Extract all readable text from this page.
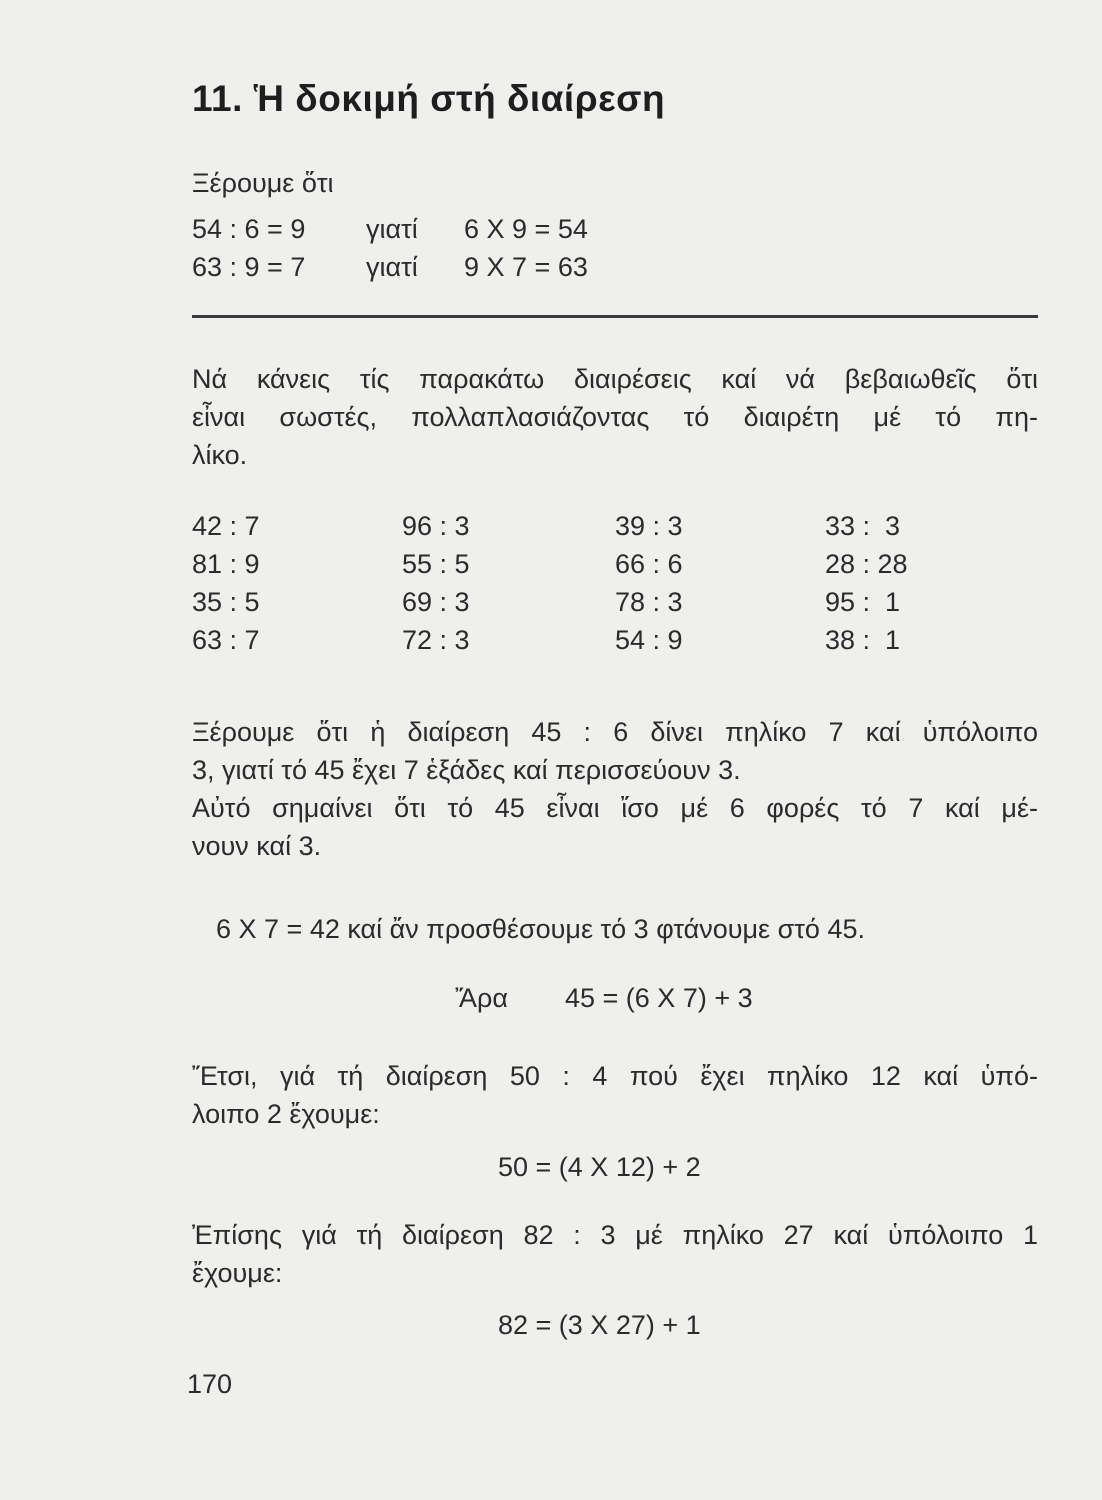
11. Ἡ δοκιμή στή διαίρεση
Ξέρουμε ὅτι
54 : 6 = 9 γιατί 6 X 9 = 54
63 : 9 = 7 γιατί 9 X 7 = 63
Νά κάνεις τίς παρακάτω διαιρέσεις καί νά βεβαιωθεῖς ὅτι
εἶναι σωστές, πολλαπλασιάζοντας τό διαιρέτη μέ τό πη-
λίκο.
42 : 7
81 : 9
35 : 5
63 : 7
96 : 3
55 : 5
69 : 3
72 : 3
39 : 3
66 : 6
78 : 3
54 : 9
33 :  3
28 : 28
95 :  1
38 :  1
Ξέρουμε ὅτι ἡ διαίρεση 45 : 6 δίνει πηλίκο 7 καί ὑπόλοιπο
3, γιατί τό 45 ἔχει 7 ἑξάδες καί περισσεύουν 3.
Αὐτό σημαίνει ὅτι τό 45 εἶναι ἴσο μέ 6 φορές τό 7 καί μέ-
νουν καί 3.
6 X 7 = 42 καί ἄν προσθέσουμε τό 3 φτάνουμε στό 45.
Ἄρα 45 = (6 X 7) + 3
Ἔτσι, γιά τή διαίρεση 50 : 4 πού ἔχει πηλίκο 12 καί ὑπό-
λοιπο 2 ἔχουμε:
50 = (4 X 12) + 2
Ἐπίσης γιά τή διαίρεση 82 : 3 μέ πηλίκο 27 καί ὑπόλοιπο 1
ἔχουμε:
82 = (3 X 27) + 1
170
